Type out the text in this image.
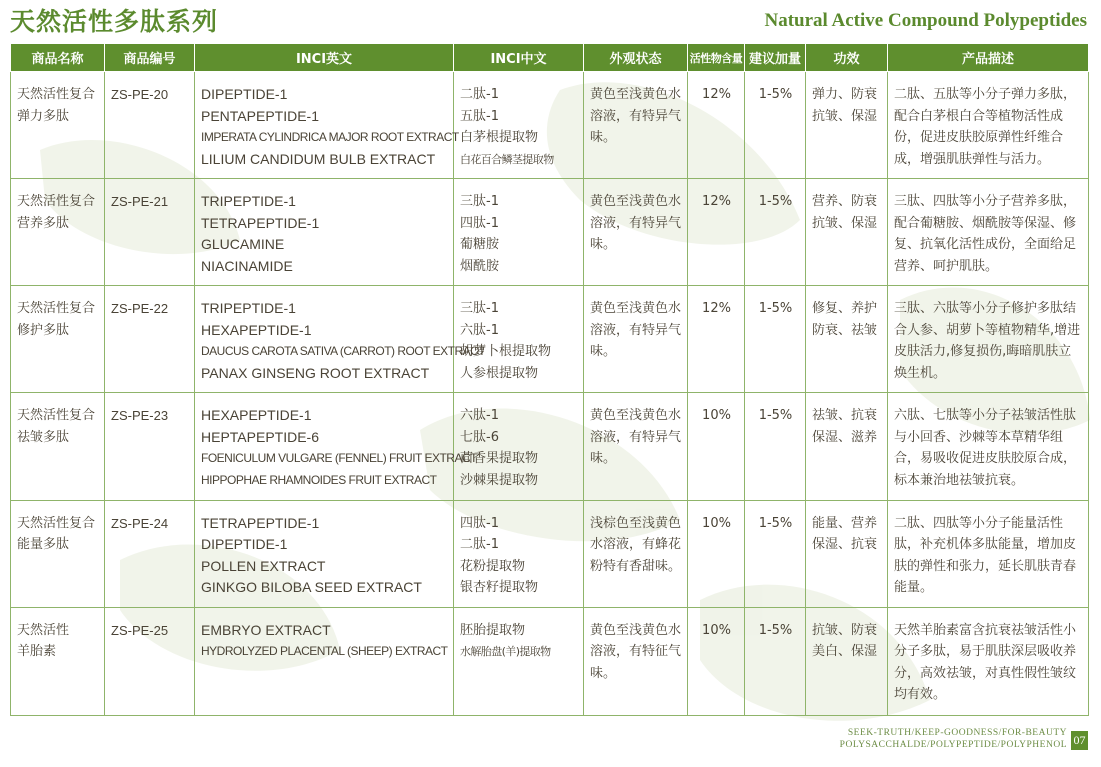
天然活性多肽系列	Natural Active Compound Polypeptides
商品名称	商品编号	INCI英文	INCI中文	外观状态	活性物含量	建议加量	功效	产品描述

天然活性复合
弹力多肽	ZS-PE-20	DIPEPTIDE-1
PENTAPEPTIDE-1
IMPERATA CYLINDRICA MAJOR ROOT EXTRACT
LILIUM CANDIDUM BULB EXTRACT	二肽-1
五肽-1
白茅根提取物
白花百合鳞茎提取物	黄色至浅黄色水溶液，有特异气味。	12%	1-5%	弹力、防衰抗皱、保湿	二肽、五肽等小分子弹力多肽，配合白茅根白合等植物活性成份，促进皮肤胶原弹性纤维合成，增强肌肤弹性与活力。

天然活性复合
营养多肽	ZS-PE-21	TRIPEPTIDE-1
TETRAPEPTIDE-1
GLUCAMINE
NIACINAMIDE	三肽-1
四肽-1
葡糖胺
烟酰胺	黄色至浅黄色水溶液，有特异气味。	12%	1-5%	营养、防衰抗皱、保湿	三肽、四肽等小分子营养多肽，配合葡糖胺、烟酰胺等保湿、修复、抗氧化活性成份，全面给足营养、呵护肌肤。

天然活性复合
修护多肽	ZS-PE-22	TRIPEPTIDE-1
HEXAPEPTIDE-1
DAUCUS CAROTA SATIVA (CARROT) ROOT EXTRACT
PANAX GINSENG ROOT EXTRACT	三肽-1
六肽-1
胡萝卜根提取物
人参根提取物	黄色至浅黄色水溶液，有特异气味。	12%	1-5%	修复、养护防衰、祛皱	三肽、六肽等小分子修护多肽结合人参、胡萝卜等植物精华,增进皮肤活力,修复损伤,晦暗肌肤立焕生机。

天然活性复合
祛皱多肽	ZS-PE-23	HEXAPEPTIDE-1
HEPTAPEPTIDE-6
FOENICULUM VULGARE (FENNEL) FRUIT EXTRACT
HIPPOPHAE RHAMNOIDES FRUIT EXTRACT	六肽-1
七肽-6
茴香果提取物
沙棘果提取物	黄色至浅黄色水溶液，有特异气味。	10%	1-5%	祛皱、抗衰保湿、滋养	六肽、七肽等小分子祛皱活性肽与小回香、沙棘等本草精华组合，易吸收促进皮肤胶原合成，标本兼治地祛皱抗衰。

天然活性复合
能量多肽	ZS-PE-24	TETRAPEPTIDE-1
DIPEPTIDE-1
POLLEN EXTRACT
GINKGO BILOBA SEED EXTRACT	四肽-1
二肽-1
花粉提取物
银杏籽提取物	浅棕色至浅黄色水溶液，有蜂花粉特有香甜味。	10%	1-5%	能量、营养保湿、抗衰	二肽、四肽等小分子能量活性肽，补充机体多肽能量，增加皮肤的弹性和张力，延长肌肤青春能量。

天然活性
羊胎素	ZS-PE-25	EMBRYO EXTRACT
HYDROLYZED PLACENTAL (SHEEP) EXTRACT	胚胎提取物
水解胎盘(羊)提取物	黄色至浅黄色水溶液，有特征气味。	10%	1-5%	抗皱、防衰美白、保湿	天然羊胎素富含抗衰祛皱活性小分子多肽，易于肌肤深层吸收养分，高效祛皱，对真性假性皱纹均有效。
SEEK-TRUTH/KEEP-GOODNESS/FOR-BEAUTY
POLYSACCHALDE/POLYPEPTIDE/POLYPHENOL 07
